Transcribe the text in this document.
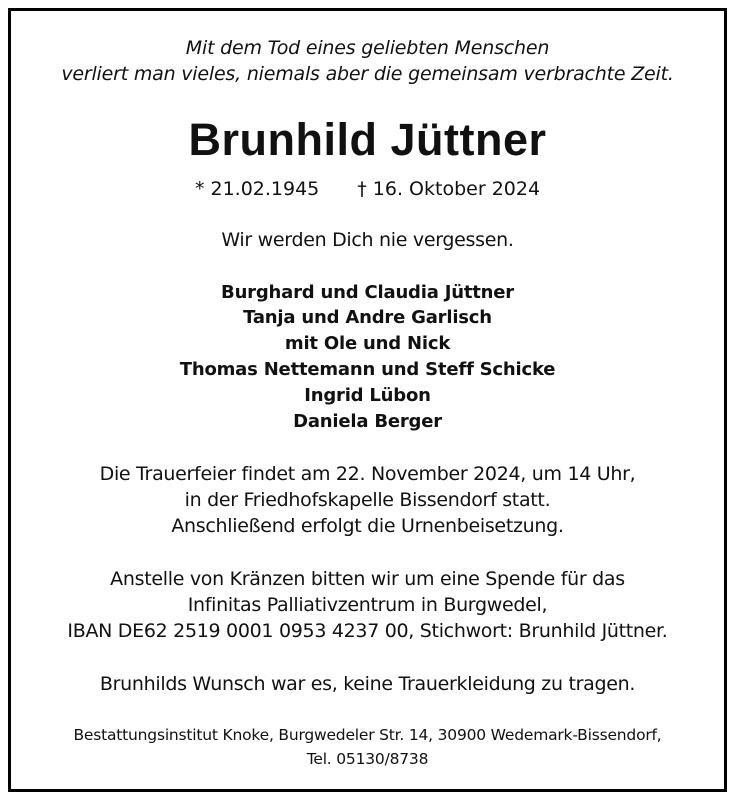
Mit dem Tod eines geliebten Menschen
verliert man vieles, niemals aber die gemeinsam verbrachte Zeit.
Brunhild Jüttner
* 21.02.1945 † 16. Oktober 2024
Wir werden Dich nie vergessen.
Burghard und Claudia Jüttner
Tanja und Andre Garlisch
mit Ole und Nick
Thomas Nettemann und Steff Schicke
Ingrid Lübon
Daniela Berger
Die Trauerfeier findet am 22. November 2024, um 14 Uhr,
in der Friedhofskapelle Bissendorf statt.
Anschließend erfolgt die Urnenbeisetzung.
Anstelle von Kränzen bitten wir um eine Spende für das
Infinitas Palliativzentrum in Burgwedel,
IBAN DE62 2519 0001 0953 4237 00, Stichwort: Brunhild Jüttner.
Brunhilds Wunsch war es, keine Trauerkleidung zu tragen.
Bestattungsinstitut Knoke, Burgwedeler Str. 14, 30900 Wedemark-Bissendorf,
Tel. 05130/8738
